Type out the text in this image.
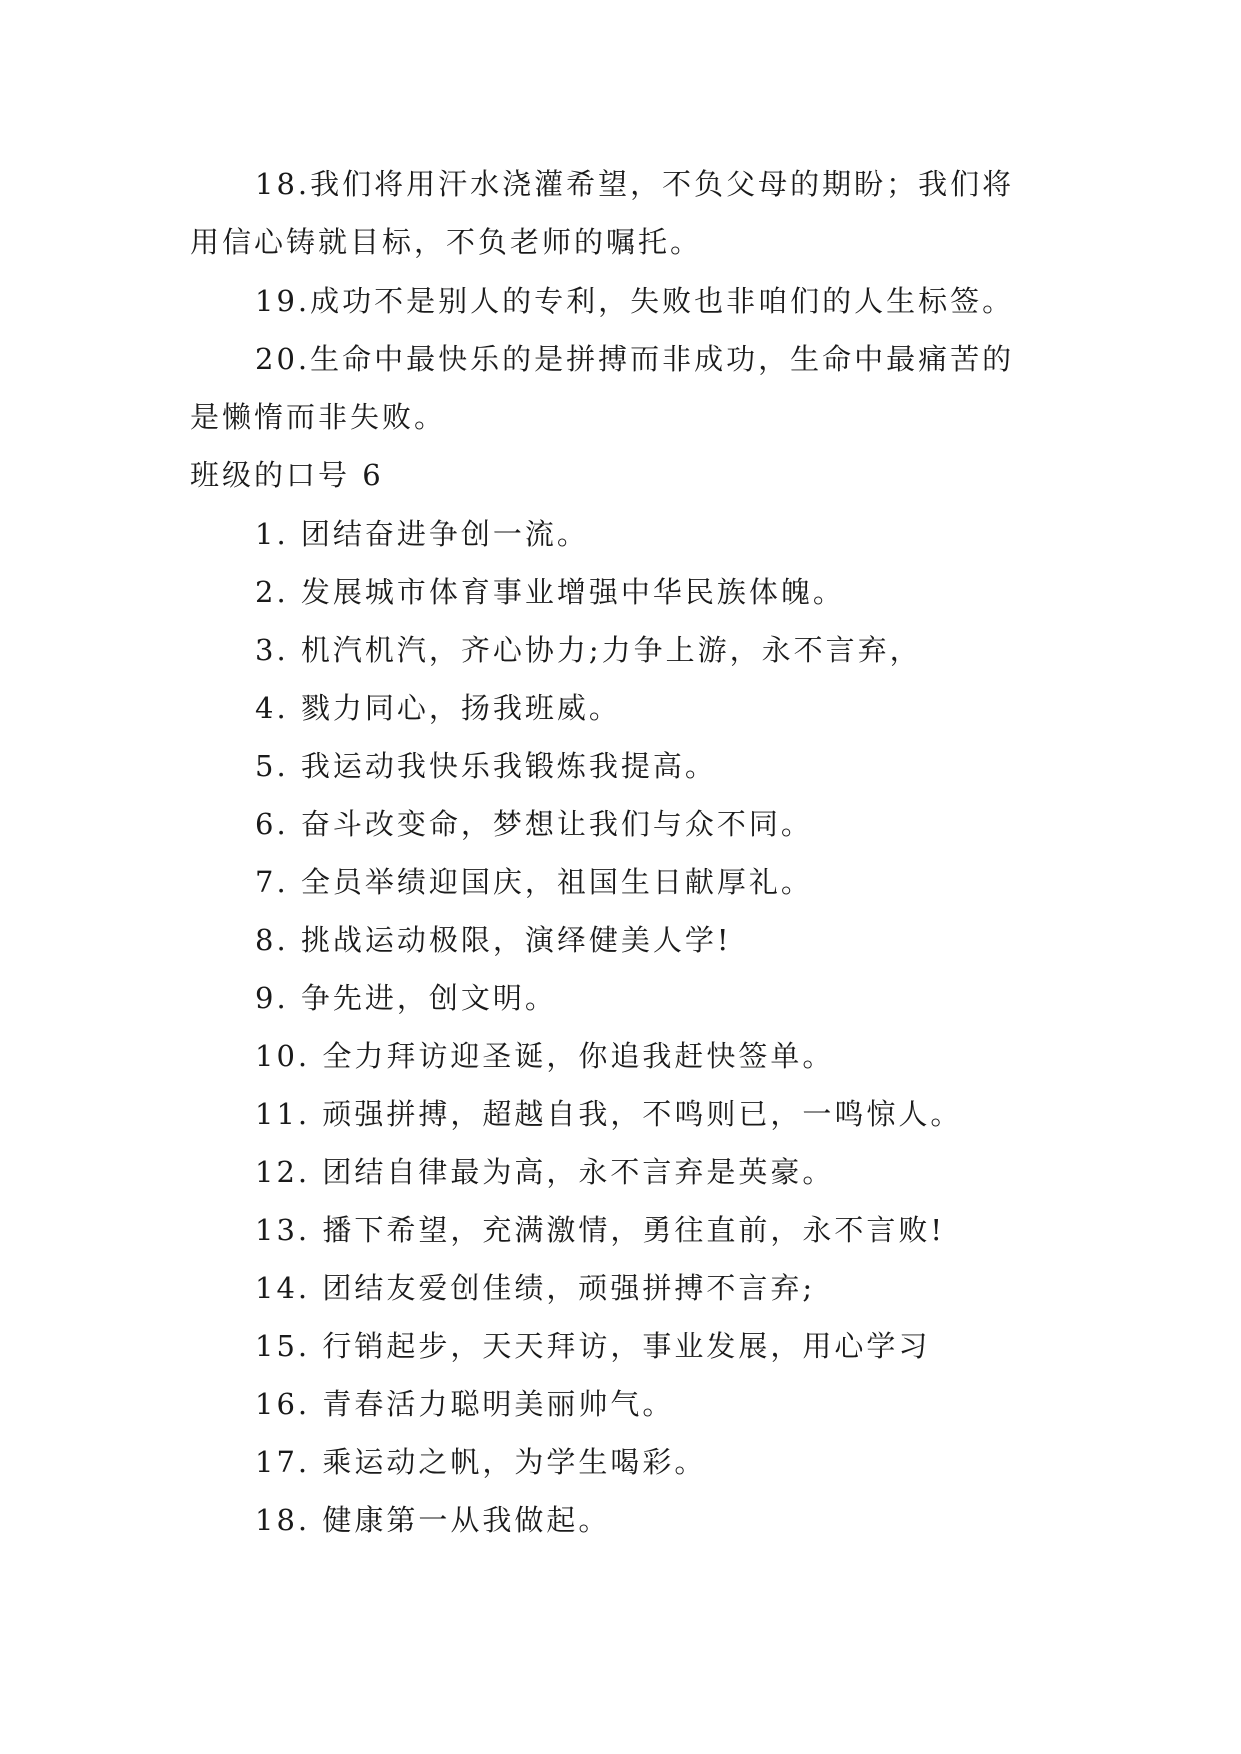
18.我们将用汗水浇灌希望，不负父母的期盼；我们将
用信心铸就目标，不负老师的嘱托。
19.成功不是别人的专利，失败也非咱们的人生标签。
20.生命中最快乐的是拼搏而非成功，生命中最痛苦的
是懒惰而非失败。
班级的口号 6
1. 团结奋进争创一流。
2. 发展城市体育事业增强中华民族体魄。
3. 机汽机汽，齐心协力;力争上游，永不言弃，
4. 戮力同心，扬我班威。
5. 我运动我快乐我锻炼我提高。
6. 奋斗改变命，梦想让我们与众不同。
7. 全员举绩迎国庆，祖国生日献厚礼。
8. 挑战运动极限，演绎健美人学!
9. 争先进，创文明。
10. 全力拜访迎圣诞，你追我赶快签单。
11. 顽强拼搏，超越自我，不鸣则已，一鸣惊人。
12. 团结自律最为高，永不言弃是英豪。
13. 播下希望，充满激情，勇往直前，永不言败!
14. 团结友爱创佳绩，顽强拼搏不言弃;
15. 行销起步，天天拜访，事业发展，用心学习
16. 青春活力聪明美丽帅气。
17. 乘运动之帆，为学生喝彩。
18. 健康第一从我做起。
